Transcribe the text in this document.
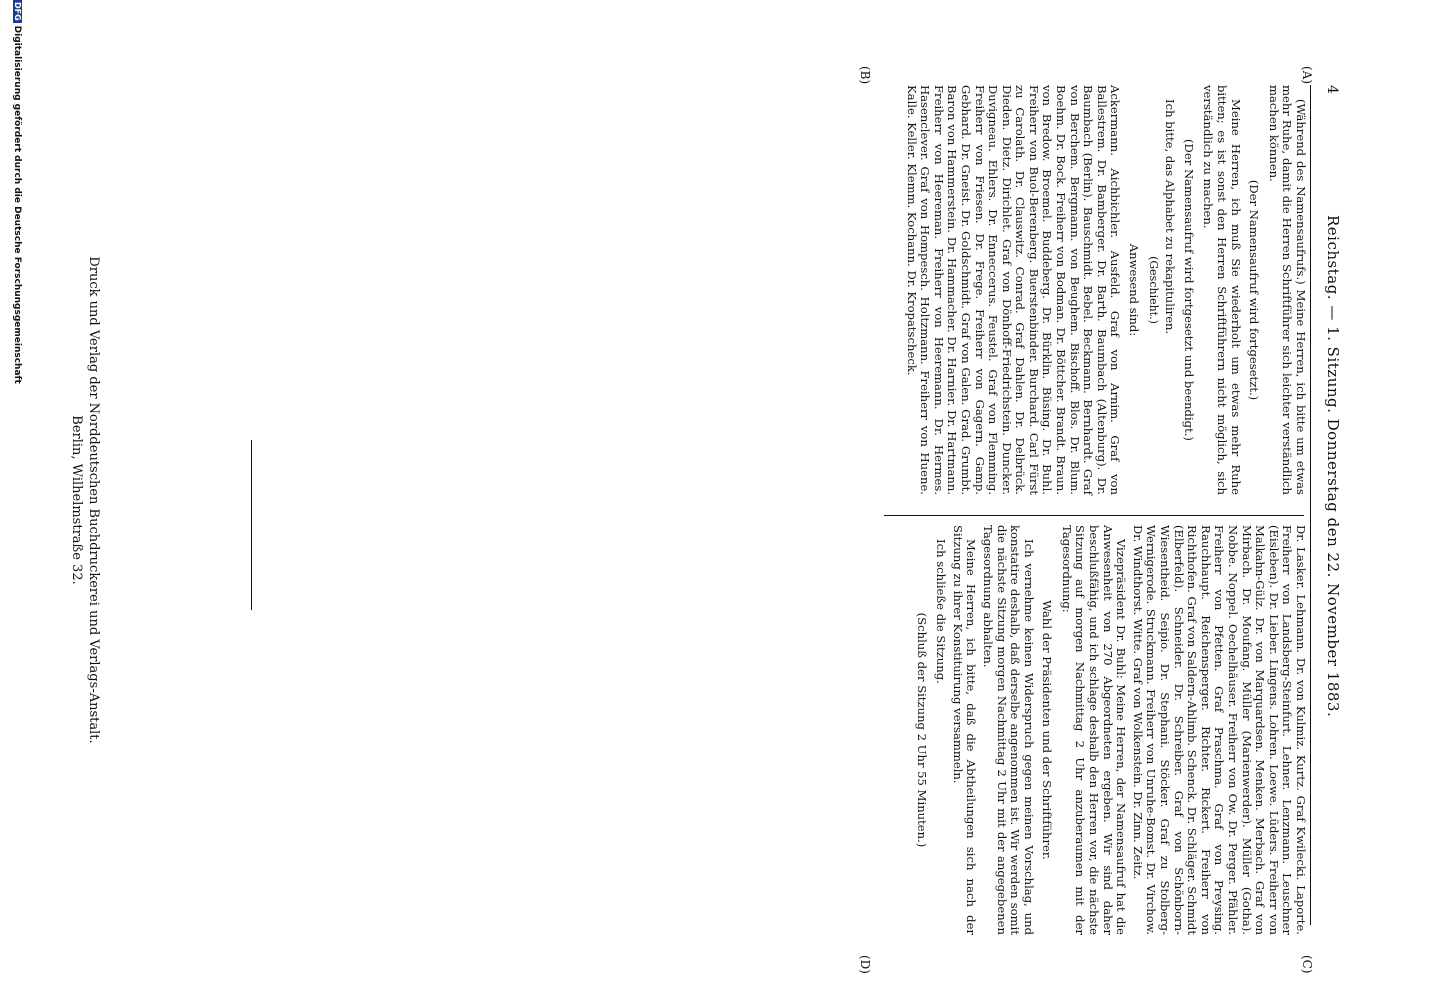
4
Reichstag. — 1. Sitzung. Donnerstag den 22. November 1883.
(A)
(B)
(C)
(D)

(Während des Namensaufrufs.) Meine Herren, ich bitte um etwas mehr Ruhe, damit die Herren Schriftführer sich leichter verständlich machen können.

(Der Namensaufruf wird fortgesetzt.)

Meine Herren, ich muß Sie wiederholt um etwas mehr Ruhe bitten; es ist sonst den Herren Schriftführern nicht möglich, sich verständlich zu machen.

(Der Namensaufruf wird fortgesetzt und beendigt.)

Ich bitte, das Alphabet zu rekapituliren.

(Geschieht.)

Anwesend sind:

Ackermann. Aichbichler. Ausfeld. Graf von Arnim. Graf von Ballestrem. Dr. Bamberger. Dr. Barth. Baumbach (Altenburg). Dr. Baumbach (Berlin). Bauschmidt. Bebel. Beckmann. Bernhardt. Graf von Berchem. Bergmann. von Beughem. Bischoff. Blos. Dr. Blum. Boehm. Dr. Bock. Freiherr von Bodman. Dr. Böttcher. Brandt. Braun. von Bredow. Broemel. Buddeberg. Dr. Bürklin. Büsing. Dr. Buhl. Freiherr von Buol-Berenberg. Buerstenbinder. Burchard. Carl Fürst zu Carolath. Dr. Clauswitz. Conrad. Graf Dahlen. Dr. Delbrück. Dieden. Dietz. Dirichlet. Graf von Dönhoff-Friedrichstein. Duncker. Duvigneau. Ehlers. Dr. Enneccerus. Feustel. Graf von Flemming. Freiherr von Friesen. Dr. Frege. Freiherr von Gagern. Gamp. Gebhard. Dr. Gneist. Dr. Goldschmidt. Graf von Galen. Grad. Grumbt. Baron von Hammerstein. Dr. Hammacher. Dr. Harnier. Dr. Hartmann. Freiherr von Heereman. Freiherr von Heeremann. Dr. Hermes. Hasenclever. Graf von Hompesch. Holtzmann. Freiherr von Huene. Kalle. Keller. Klemm. Kochann. Dr. Kropatscheck.

Dr. Lasker. Lehmann. Dr. von Kulmiz. Kurtz. Graf Kwilecki. Laporte. Freiherr von Landsberg-Steinfurt. Lehner. Lenzmann. Leuschner (Eisleben). Dr. Lieber. Lingens. Lohren. Loewe. Lüders. Freiherr von Malkahn-Gülz. Dr. von Marquardsen. Menken. Merbach. Graf von Mirbach. Dr. Moufang. Müller (Marienwerder). Müller (Gotha). Nobbe. Noppel. Oechelhäuser. Freiherr von Ow. Dr. Perger. Pfähler. Freiherr von Pfetten. Graf Praschma. Graf von Preysing. Rauchhaupt. Reichensperger. Richter. Rickert. Freiherr von Richthofen. Graf von Saldern-Ahlimb. Schenck. Dr. Schläger. Schmidt (Elberfeld). Schneider. Dr. Schreiber. Graf von Schönborn-Wiesentheid. Seipio. Dr. Stephani. Stöcker. Graf zu Stolberg-Wernigerode. Struckmann. Freiherr von Unruhe-Bomst. Dr. Virchow. Dr. Windthorst. Witte. Graf von Wolkenstein. Dr. Zinn. Zeitz.

Vizepräsident Dr. Buhl: Meine Herren, der Namensaufruf hat die Anwesenheit von 270 Abgeordneten ergeben. Wir sind daher beschlußfähig, und ich schlage deshalb den Herren vor, die nächste Sitzung auf morgen Nachmittag 2 Uhr anzuberaumen mit der Tagesordnung:

Wahl der Präsidenten und der Schriftführer.

Ich vernehme keinen Widerspruch gegen meinen Vorschlag, und konstatire deshalb, daß derselbe angenommen ist. Wir werden somit die nächste Sitzung morgen Nachmittag 2 Uhr mit der angegebenen Tagesordnung abhalten.

Meine Herren, ich bitte, daß die Abtheilungen sich nach der Sitzung zu ihrer Konstituirung versammeln.

Ich schließe die Sitzung.

(Schluß der Sitzung 2 Uhr 55 Minuten.)

Druck und Verlag der Norddeutschen Buchdruckerei und Verlags-Anstalt.
Berlin, Wilhelmstraße 32.
DFGDigitalisierung gefördert durch die Deutsche Forschungsgemeinschaft
